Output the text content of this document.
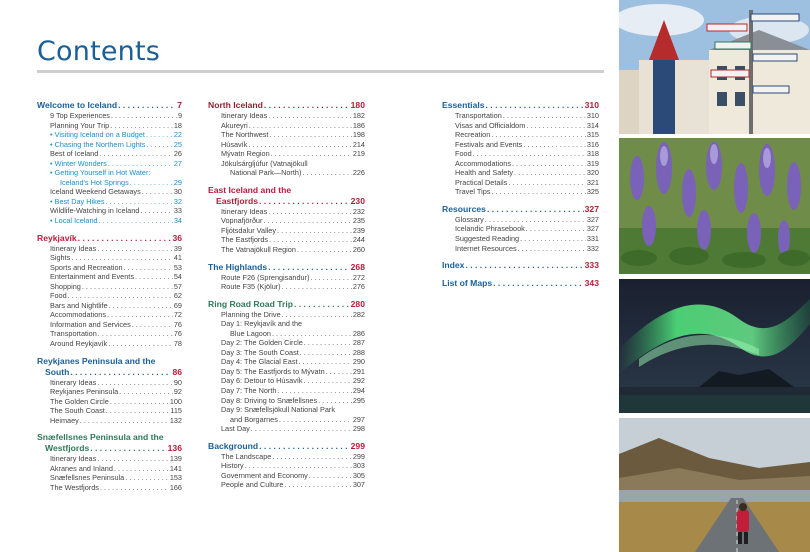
Contents
Welcome to Iceland . . .	7
9 Top Experiences . . .	9
Planning Your Trip . . .	18
• Visiting Iceland on a Budget . . .	22
• Chasing the Northern Lights . . .	25
Best of Iceland . . .	26
• Winter Wonders . . .	27
• Getting Yourself in Hot Water:
Iceland's Hot Springs . . .	29
Iceland Weekend Getaways . . .	30
• Best Day Hikes . . .	32
Wildlife-Watching in Iceland . . .	33
• Local Iceland . . .	34
Reykjavík . . .	36
Itinerary Ideas . . .	39
Sights . . .	41
Sports and Recreation . . .	53
Entertainment and Events . . .	54
Shopping . . .	57
Food . . .	62
Bars and Nightlife . . .	69
Accommodations . . .	72
Information and Services . . .	76
Transportation . . .	76
Around Reykjavík . . .	78
Reykjanes Peninsula and the
South . . .	86
Itinerary Ideas . . .	90
Reykjanes Peninsula . . .	92
The Golden Circle . . .	100
The South Coast . . .	115
Heimaey . . .	132
Snæfellsnes Peninsula and the
Westfjords . . .	136
Itinerary Ideas . . .	139
Akranes and Inland . . .	141
Snæfellsnes Peninsula . . .	153
The Westfjords . . .	166
North Iceland . . .	180
Itinerary Ideas . . .	182
Akureyri . . .	186
The Northwest . . .	198
Húsavík . . .	214
Mývatn Region . . .	219
Jökulsárgljúfur (Vatnajökull
National Park—North) . . .	226
East Iceland and the
Eastfjords . . .	230
Itinerary Ideas . . .	232
Vopnafjörður . . .	235
Fljótsdalur Valley . . .	239
The Eastfjords . . .	244
The Vatnajökull Region . . .	260
The Highlands . . .	268
Route F26 (Sprengisandur) . . .	272
Route F35 (Kjölur) . . .	276
Ring Road Road Trip . . .	280
Planning the Drive . . .	282
Day 1: Reykjavík and the
Blue Lagoon . . .	286
Day 2: The Golden Circle . . .	287
Day 3: The South Coast . . .	288
Day 4: The Glacial East . . .	290
Day 5: The Eastfjords to Mývatn . . .	291
Day 6: Detour to Húsavík . . .	292
Day 7: The North . . .	294
Day 8: Driving to Snæfellsnes . . .	295
Day 9: Snæfellsjökull National Park
and Borgarnes . . .	297
Last Day . . .	298
Background . . .	299
The Landscape . . .	299
History . . .	303
Government and Economy . . .	305
People and Culture . . .	307
Essentials . . .	310
Transportation . . .	310
Visas and Officialdom . . .	314
Recreation . . .	315
Festivals and Events . . .	316
Food . . .	318
Accommodations . . .	319
Health and Safety . . .	320
Practical Details . . .	321
Travel Tips . . .	325
Resources . . .	327
Glossary . . .	327
Icelandic Phrasebook . . .	327
Suggested Reading . . .	331
Internet Resources . . .	332
Index . . .	333
List of Maps . . .	343
